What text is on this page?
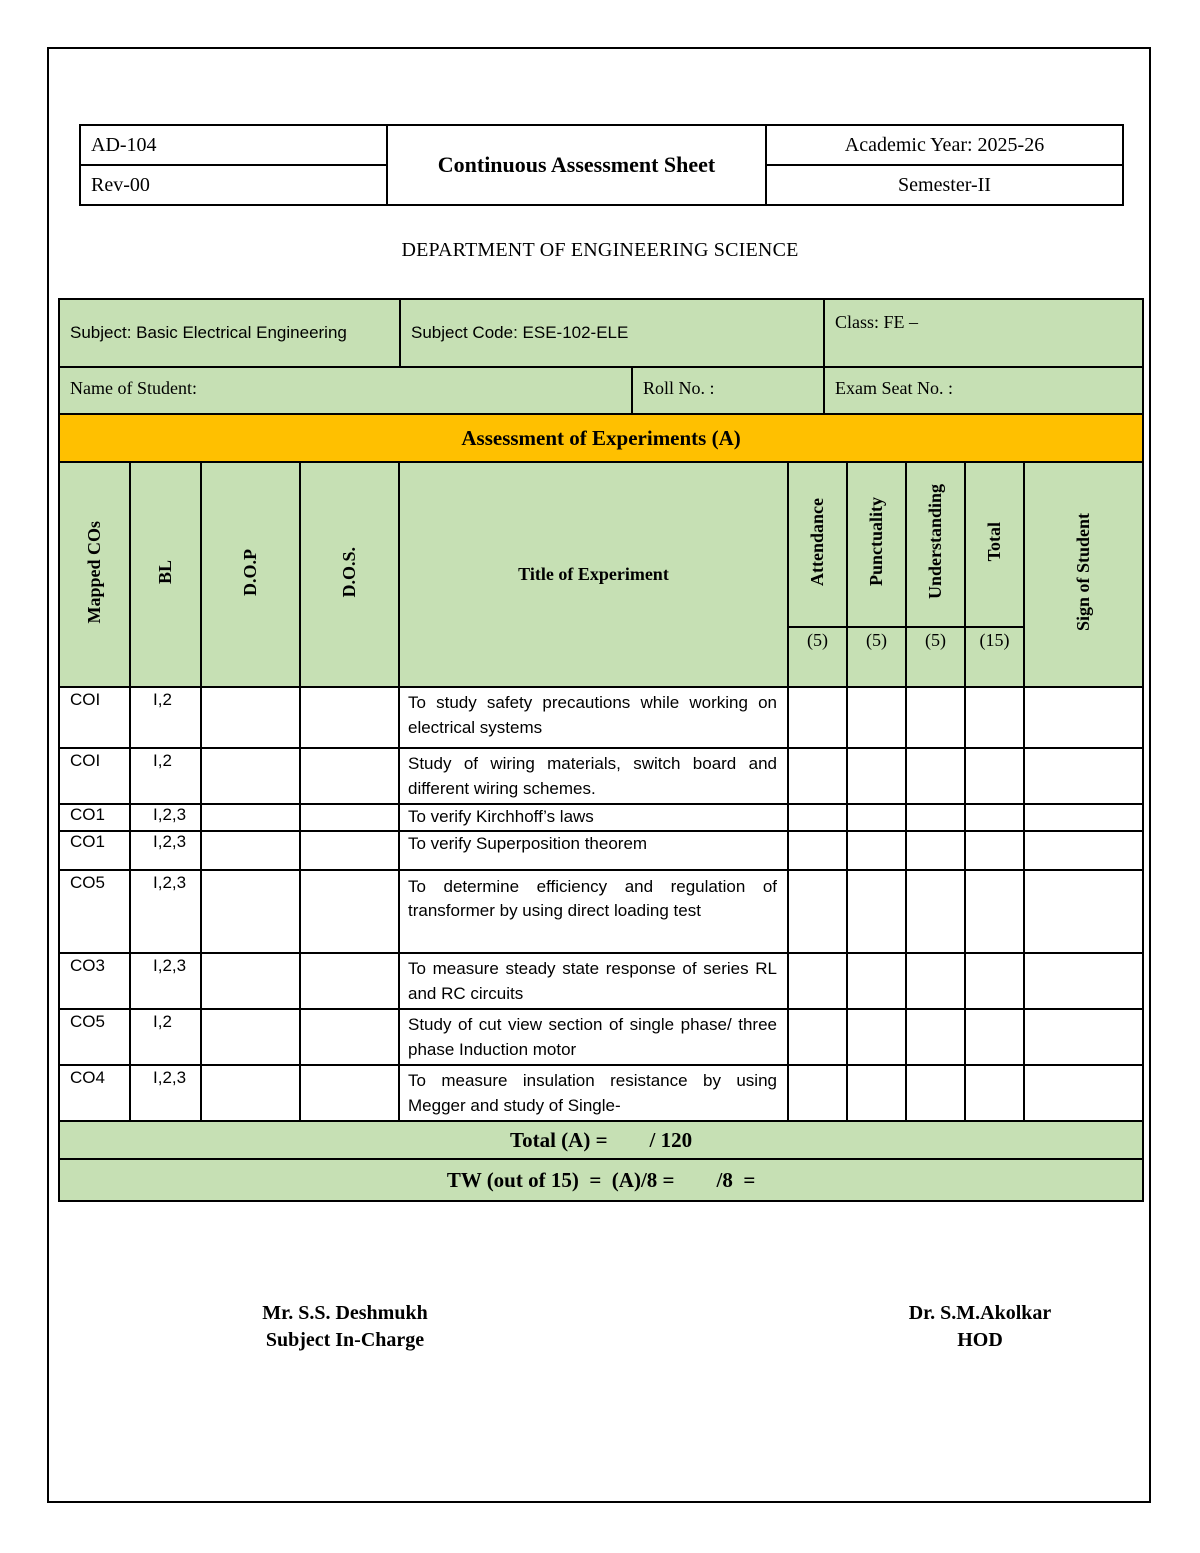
AD-104	Continuous Assessment Sheet	Academic Year: 2025-26
Rev-00		Semester-II
DEPARTMENT OF ENGINEERING SCIENCE
Subject: Basic Electrical Engineering	Subject Code: ESE-102-ELE		Class: FE –
Name of Student:		Roll No. :	Exam Seat No. :
Assessment of Experiments (A)									
Mapped COs	BL	D.O.P	D.O.S.	Title of Experiment	Attendance	Punctuality	Understanding	Total	Sign of Student
					(5)	(5)	(5)	(15)	
COI	I,2			To study safety precautions while working on electrical systems					
COI	I,2			Study of wiring materials, switch board and different wiring schemes.					
CO1	I,2,3			To verify Kirchhoff’s laws					
CO1	I,2,3			To verify Superposition theorem					
CO5	I,2,3			To determine efficiency and regulation of transformer by using direct loading test					
CO3	I,2,3			To measure steady state response of series RL and RC circuits					
CO5	I,2			Study of cut view section of single phase/ three phase Induction motor					
CO4	I,2,3			To measure insulation resistance by using Megger and study of Single-					
Total (A) =        / 120									
TW (out of 15)  =  (A)/8 =        /8  =									
Mr. S.S. Deshmukh
Subject In-Charge
Dr. S.M.Akolkar
HOD
